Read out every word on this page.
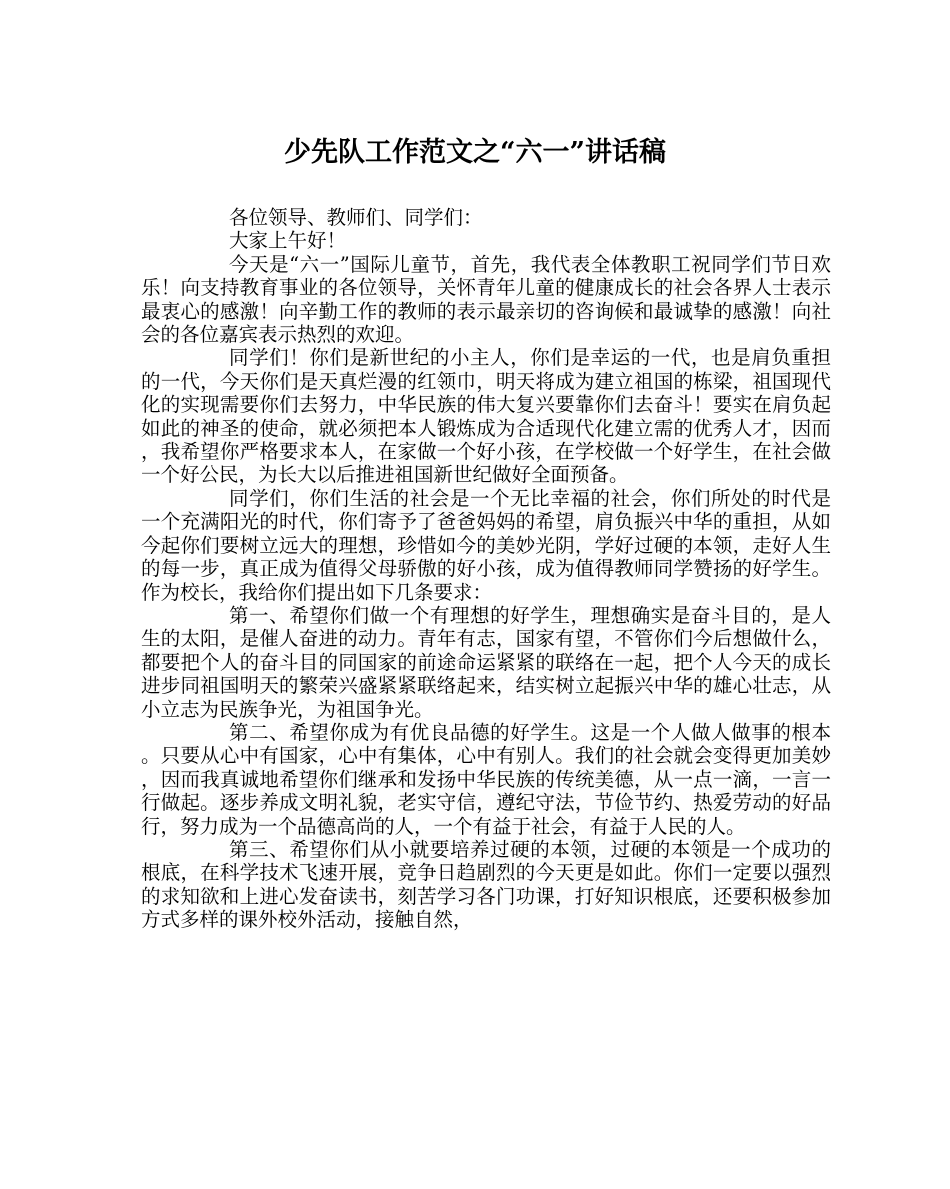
少先队工作范文之“六一”讲话稿

各位领导、教师们、同学们：

大家上午好！

今天是“六一”国际儿童节，首先，我代表全体教职工祝同学们节日欢乐！向支持教育事业的各位领导，关怀青年儿童的健康成长的社会各界人士表示最衷心的感激！向辛勤工作的教师的表示最亲切的咨询候和最诚挚的感激！向社会的各位嘉宾表示热烈的欢迎。

同学们！你们是新世纪的小主人，你们是幸运的一代，也是肩负重担的一代，今天你们是天真烂漫的红领巾，明天将成为建立祖国的栋梁，祖国现代化的实现需要你们去努力，中华民族的伟大复兴要靠你们去奋斗！要实在肩负起如此的神圣的使命，就必须把本人锻炼成为合适现代化建立需的优秀人才，因而，我希望你严格要求本人，在家做一个好小孩，在学校做一个好学生，在社会做一个好公民，为长大以后推进祖国新世纪做好全面预备。

同学们，你们生活的社会是一个无比幸福的社会，你们所处的时代是一个充满阳光的时代，你们寄予了爸爸妈妈的希望，肩负振兴中华的重担，从如今起你们要树立远大的理想，珍惜如今的美妙光阴，学好过硬的本领，走好人生的每一步，真正成为值得父母骄傲的好小孩，成为值得教师同学赞扬的好学生。作为校长，我给你们提出如下几条要求：

第一、希望你们做一个有理想的好学生，理想确实是奋斗目的，是人生的太阳，是催人奋进的动力。青年有志，国家有望，不管你们今后想做什么，都要把个人的奋斗目的同国家的前途命运紧紧的联络在一起，把个人今天的成长进步同祖国明天的繁荣兴盛紧紧联络起来，结实树立起振兴中华的雄心壮志，从小立志为民族争光，为祖国争光。

第二、希望你成为有优良品德的好学生。这是一个人做人做事的根本。只要从心中有国家，心中有集体，心中有别人。我们的社会就会变得更加美妙，因而我真诚地希望你们继承和发扬中华民族的传统美德，从一点一滴，一言一行做起。逐步养成文明礼貌，老实守信，遵纪守法，节俭节约、热爱劳动的好品行，努力成为一个品德高尚的人，一个有益于社会，有益于人民的人。

第三、希望你们从小就要培养过硬的本领，过硬的本领是一个成功的根底，在科学技术飞速开展，竞争日趋剧烈的今天更是如此。你们一定要以强烈的求知欲和上进心发奋读书，刻苦学习各门功课，打好知识根底，还要积极参加方式多样的课外校外活动，接触自然，
